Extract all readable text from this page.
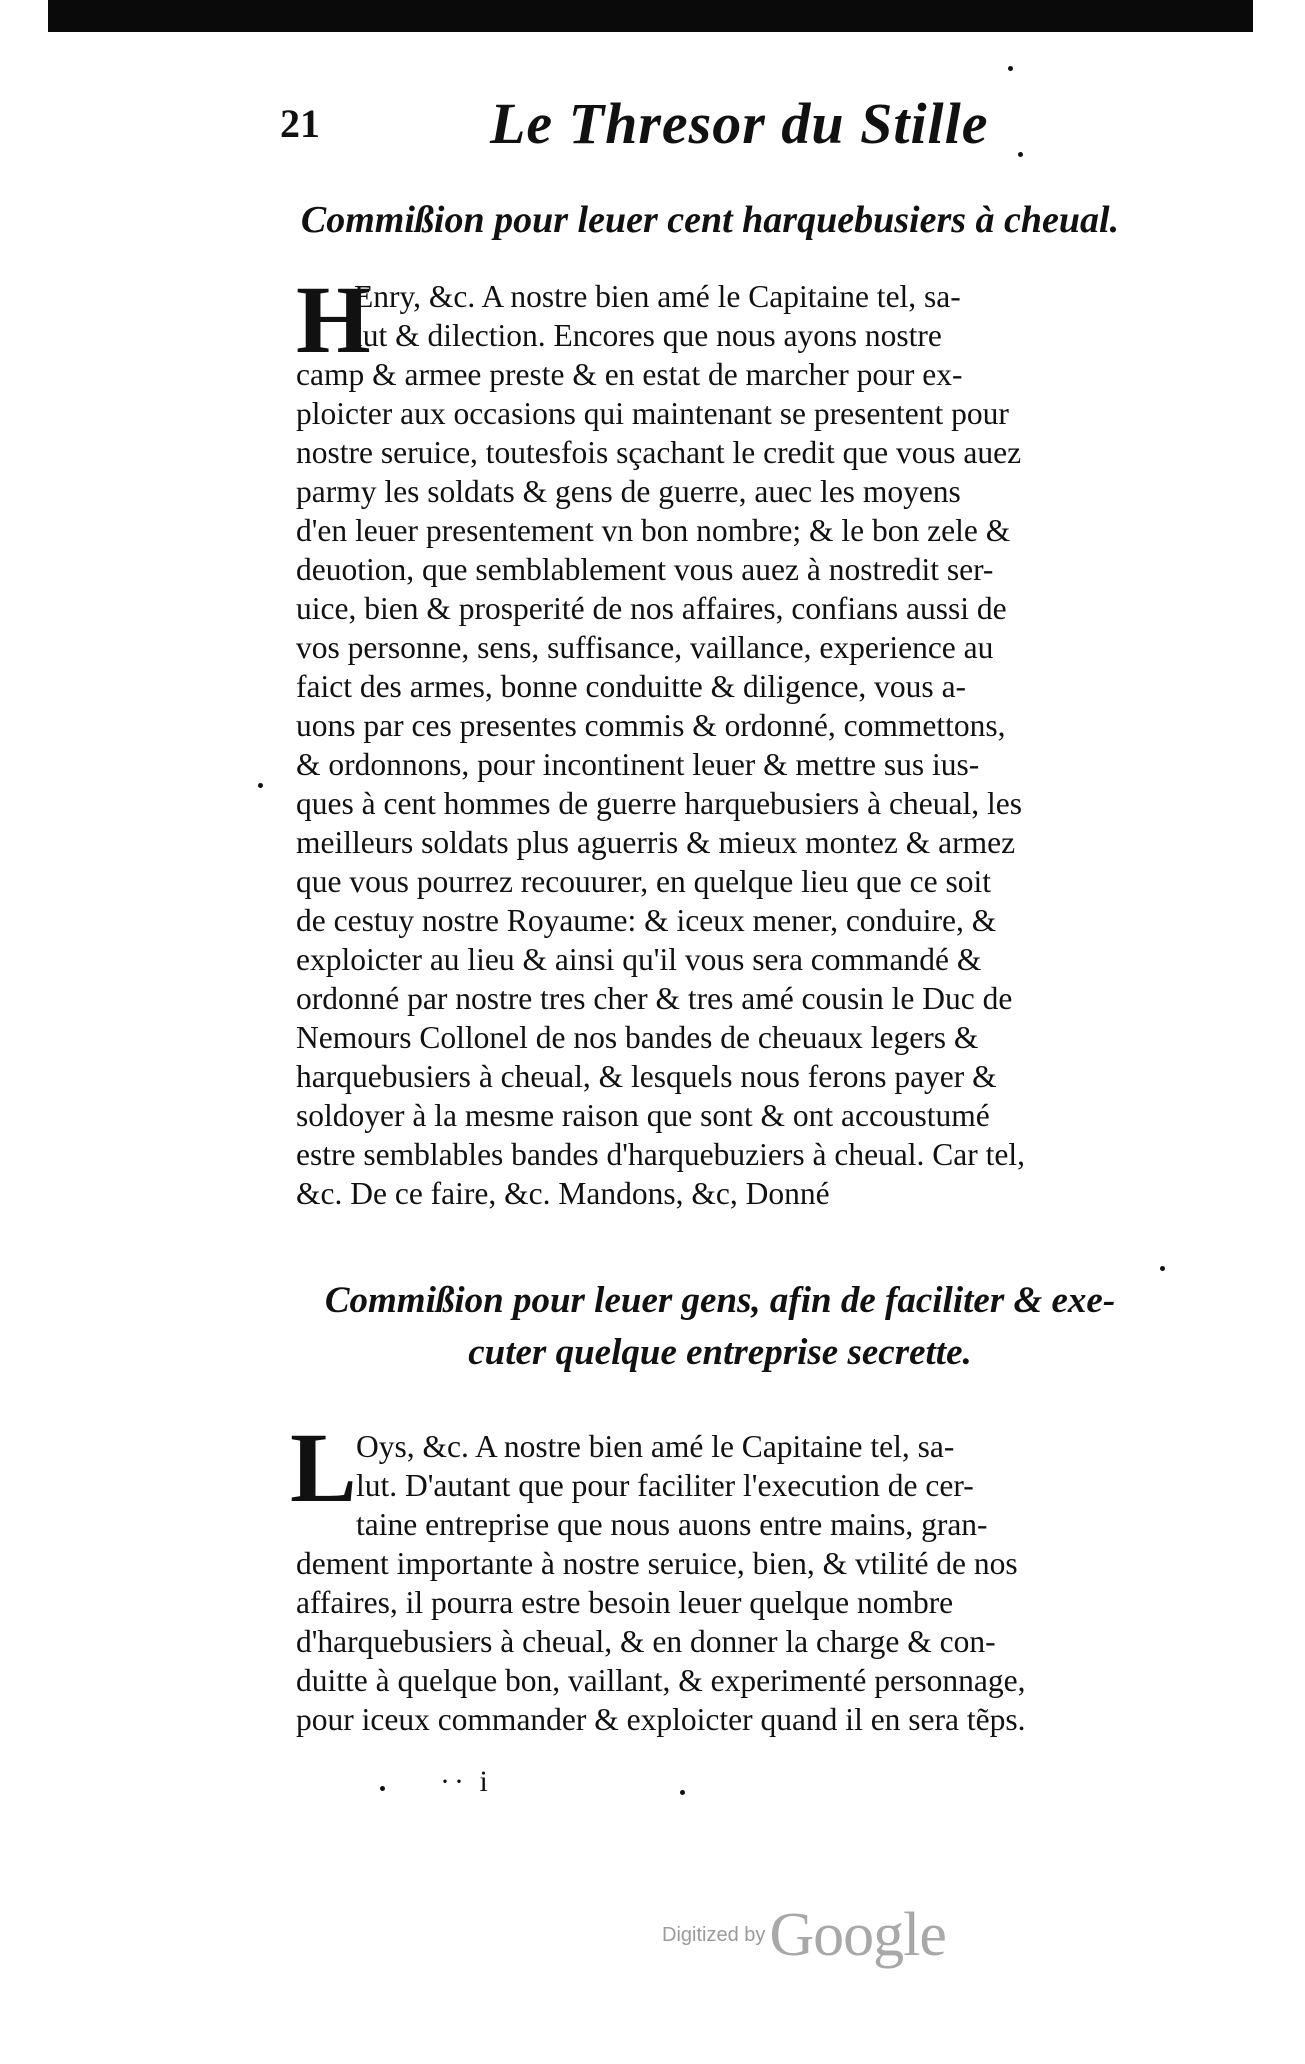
21	Le Thresor du Stille
Commißion pour leuer cent harquebusiers à cheual.
H
Enry, &c. A nostre bien amé le Capitaine tel, sa-
lut & dilection. Encores que nous ayons nostre
camp & armee preste & en estat de marcher pour ex-
ploicter aux occasions qui maintenant se presentent pour
nostre seruice, toutesfois sçachant le credit que vous auez
parmy les soldats & gens de guerre, auec les moyens
d'en leuer presentement vn bon nombre; & le bon zele &
deuotion, que semblablement vous auez à nostredit ser-
uice, bien & prosperité de nos affaires, confians aussi de
vos personne, sens, suffisance, vaillance, experience au
faict des armes, bonne conduitte & diligence, vous a-
uons par ces presentes commis & ordonné, commettons,
& ordonnons, pour incontinent leuer & mettre sus ius-
ques à cent hommes de guerre harquebusiers à cheual, les
meilleurs soldats plus aguerris & mieux montez & armez
que vous pourrez recouurer, en quelque lieu que ce soit
de cestuy nostre Royaume: & iceux mener, conduire, &
exploicter au lieu & ainsi qu'il vous sera commandé &
ordonné par nostre tres cher & tres amé cousin le Duc de
Nemours Collonel de nos bandes de cheuaux legers &
harquebusiers à cheual, & lesquels nous ferons payer &
soldoyer à la mesme raison que sont & ont accoustumé
estre semblables bandes d'harquebuziers à cheual. Car tel,
&c. De ce faire, &c. Mandons, &c, Donné
Commißion pour leuer gens, afin de faciliter & exe-
cuter quelque entreprise secrette.
L Oys, &c. A nostre bien amé le Capitaine tel, sa-
lut. D'autant que pour faciliter l'execution de cer-
taine entreprise que nous auons entre mains, gran-
dement importante à nostre seruice, bien, & vtilité de nos
affaires, il pourra estre besoin leuer quelque nombre
d'harquebusiers à cheual, & en donner la charge & con-
duitte à quelque bon, vaillant, & experimenté personnage,
pour iceux commander & exploicter quand il en sera tẽps.
·· i
Digitized by Google
